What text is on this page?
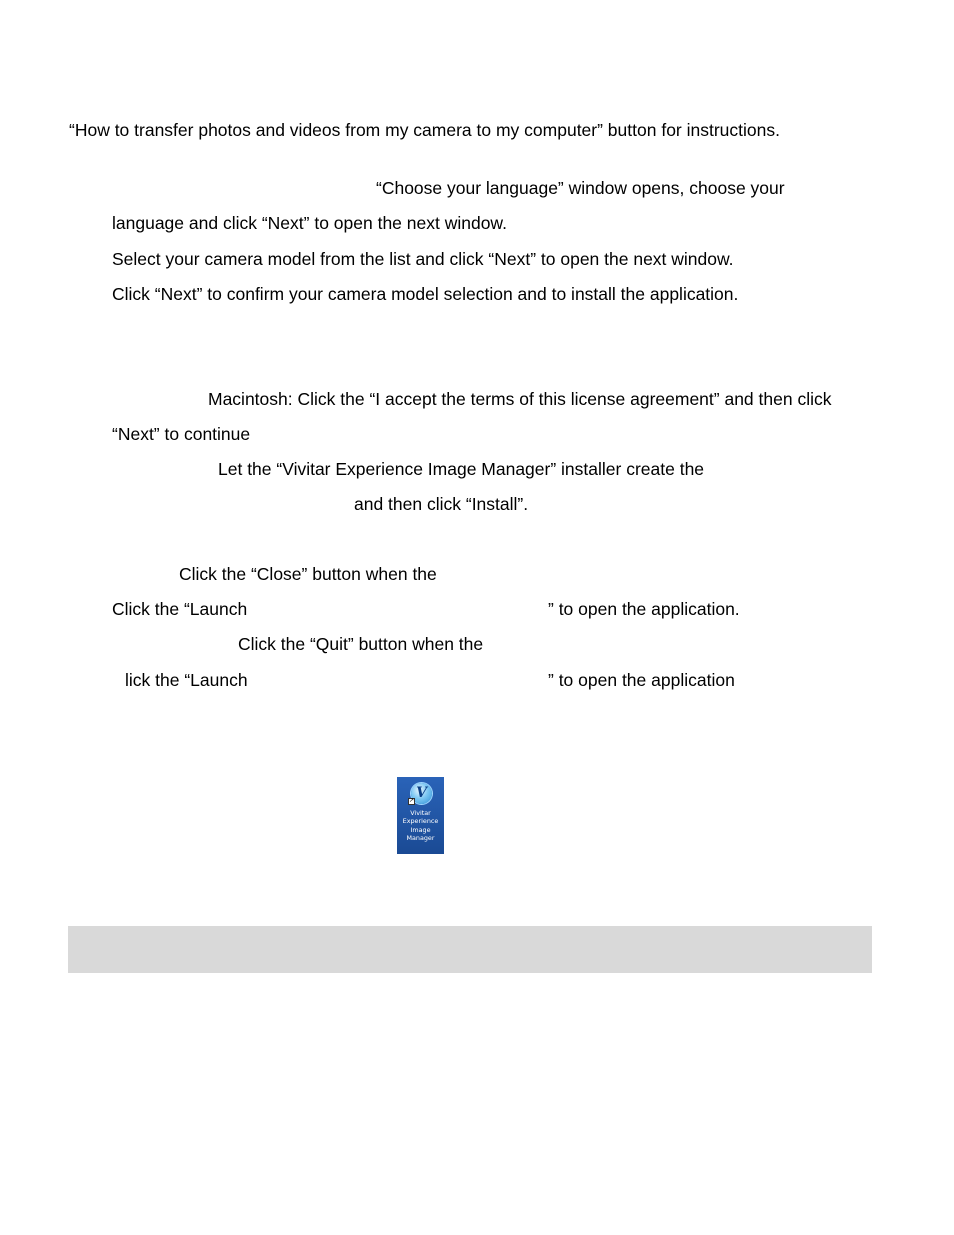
“How to transfer photos and videos from my camera to my computer” button for instructions.
“Choose your language” window opens, choose your
language and click “Next” to open the next window.
Select your camera model from the list and click “Next” to open the next window.
Click “Next” to confirm your camera model selection and to install the application.
Macintosh: Click the “I accept the terms of this license agreement” and then click
“Next” to continue
Let the “Vivitar Experience Image Manager” installer create the
and then click “Install”.
Click the “Close” button when the
Click the “Launch	” to open the application.
Click the “Quit” button when the
lick the “Launch	” to open the application
V
↗
Vivitar
Experience
Image
Manager
